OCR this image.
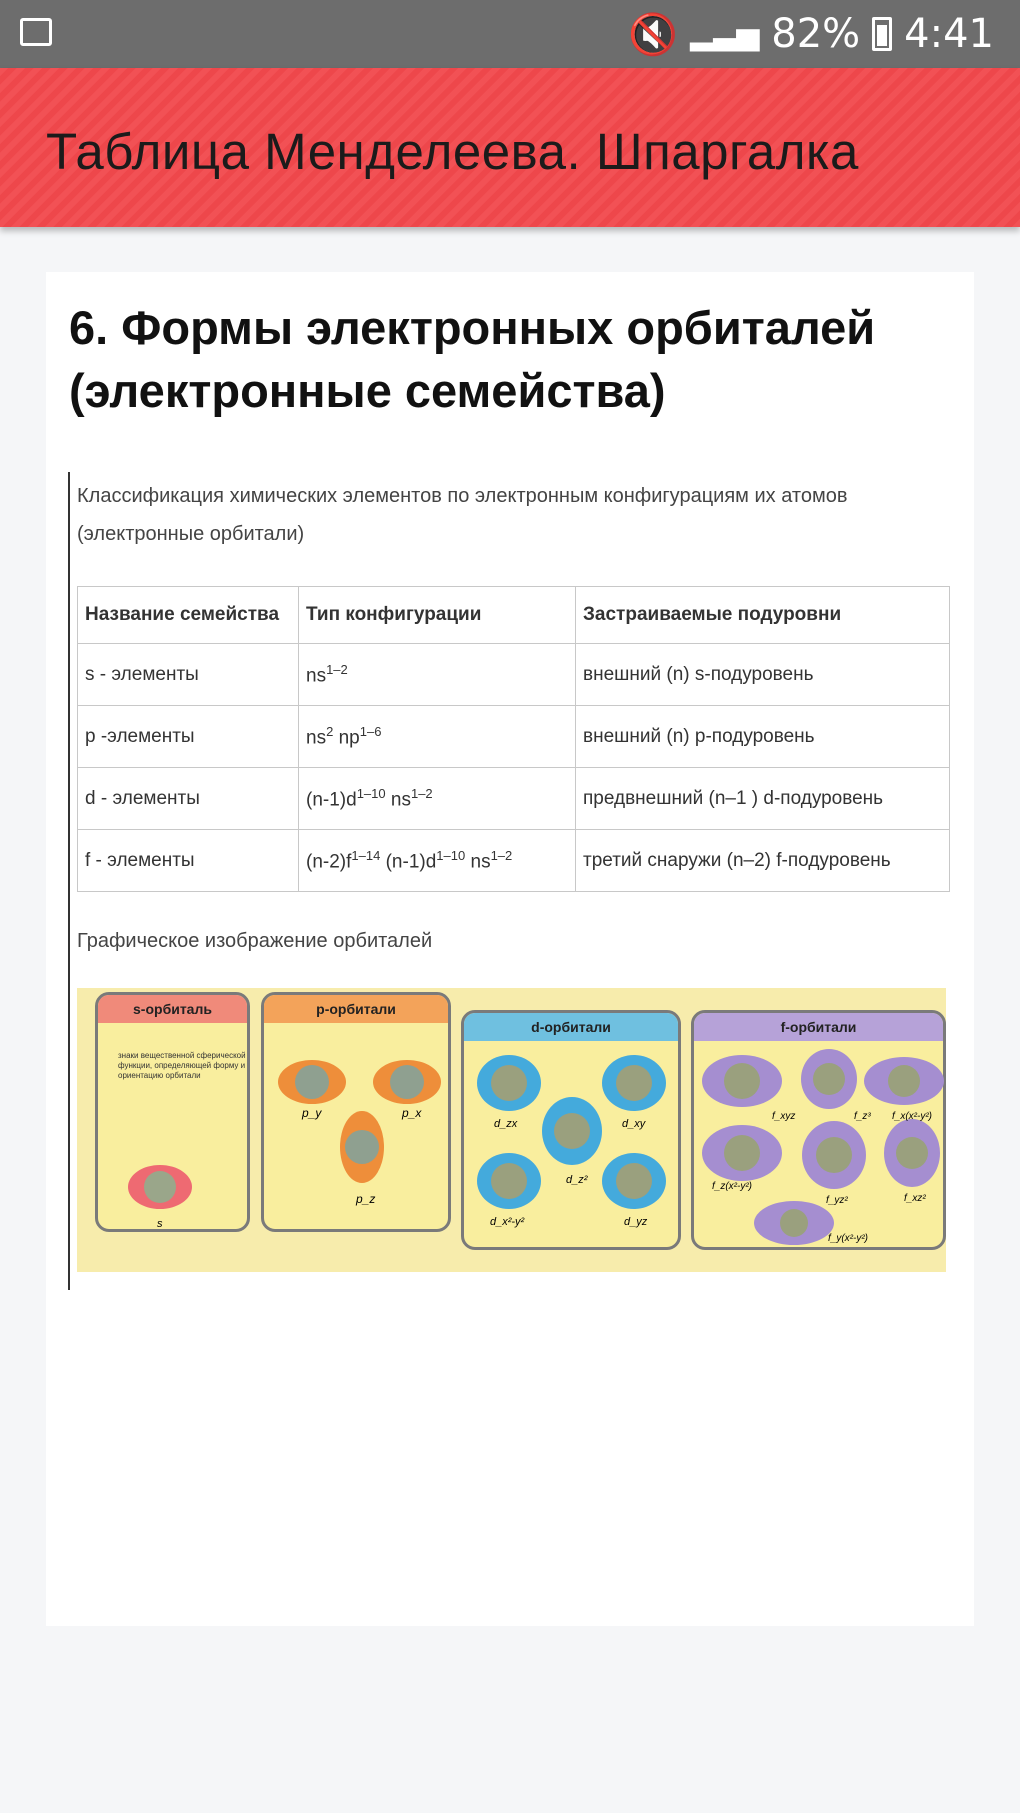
🔇 ▂▃▅ 82% 4:41
Таблица Менделеева. Шпаргалка
6. Формы электронных орбиталей (электронные семейства)
Классификация химических элементов по электронным конфигурациям их атомов (электронные орбитали)
Название семейства	Тип конфигурации	Застраиваемые подуровни
s - элементы	$ns^{1-2}$	внешний (n) s-подуровень
p -элементы	$ns^2$ $np^{1-6}$	внешний (n) p-подуровень
d - элементы	$(n-1)d^{1-10}$ $ns^{1-2}$	предвнешний (n–1 ) d-подуровень
f - элементы	$(n-2)f^{1-14}$ $(n-1)d^{1-10}$ $ns^{1-2}$	третий снаружи (n–2) f-подуровень
Графическое изображение орбиталей
s-орбиталь
знаки вещественной сферической функции, определяющей форму и ориентацию орбитали
s
p-орбитали
p_y	p_x
p_z
d-орбитали
d_zx	d_xy
d_z²
d_x²-y²	d_yz
f-орбитали
f_xyz	f_z³ f_x(x²-y²)
f_z(x²-y²)
f_yz²	f_xz²
f_y(x²-y²)
